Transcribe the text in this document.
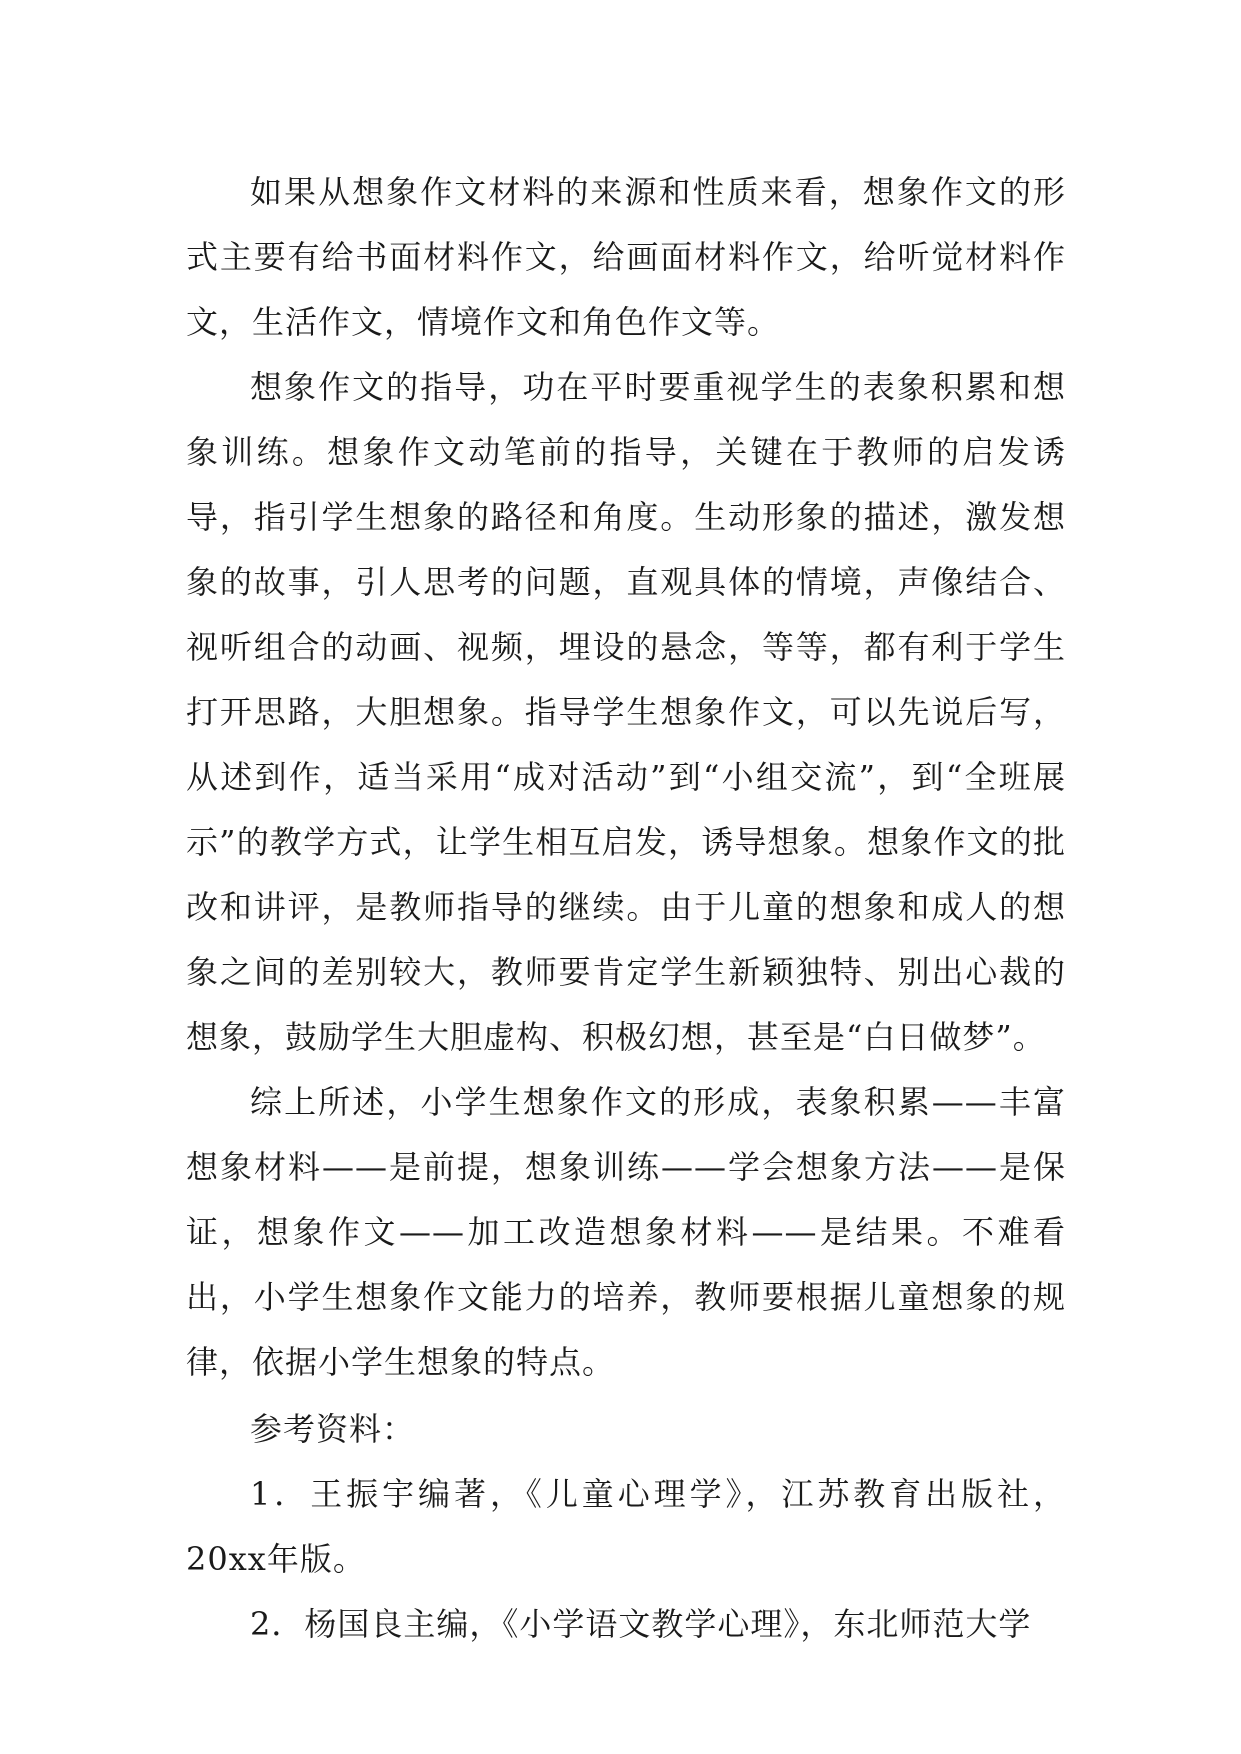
如果从想象作文材料的来源和性质来看，想象作文的形式主要有给书面材料作文，给画面材料作文，给听觉材料作文，生活作文，情境作文和角色作文等。

想象作文的指导，功在平时要重视学生的表象积累和想象训练。想象作文动笔前的指导，关键在于教师的启发诱导，指引学生想象的路径和角度。生动形象的描述，激发想象的故事，引人思考的问题，直观具体的情境，声像结合、视听组合的动画、视频，埋设的悬念，等等，都有利于学生打开思路，大胆想象。指导学生想象作文，可以先说后写，从述到作，适当采用“成对活动”到“小组交流”，到“全班展示”的教学方式，让学生相互启发，诱导想象。想象作文的批改和讲评，是教师指导的继续。由于儿童的想象和成人的想象之间的差别较大，教师要肯定学生新颖独特、别出心裁的想象，鼓励学生大胆虚构、积极幻想，甚至是“白日做梦”。

综上所述，小学生想象作文的形成，表象积累——丰富想象材料——是前提，想象训练——学会想象方法——是保证，想象作文——加工改造想象材料——是结果。不难看出，小学生想象作文能力的培养，教师要根据儿童想象的规律，依据小学生想象的特点。

参考资料：

1．王振宇编著，《儿童心理学》，江苏教育出版社，20xx年版。

2．杨国良主编，《小学语文教学心理》，东北师范大学
